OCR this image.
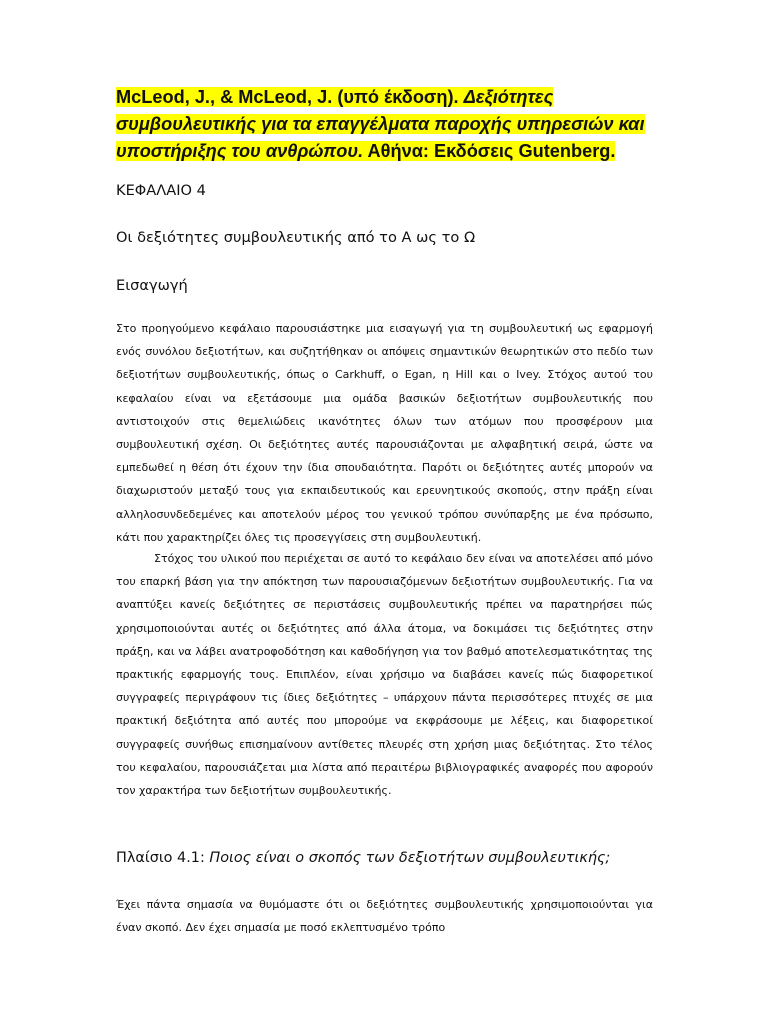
McLeod, J., & McLeod, J. (υπό έκδοση). Δεξιότητες συμβουλευτικής για τα επαγγέλματα παροχής υπηρεσιών και υποστήριξης του ανθρώπου. Αθήνα: Εκδόσεις Gutenberg.
ΚΕΦΑΛΑΙΟ 4
Οι δεξιότητες συμβουλευτικής από το Α ως το Ω
Εισαγωγή

Στο προηγούμενο κεφάλαιο παρουσιάστηκε μια εισαγωγή για τη συμβουλευτική ως εφαρμογή ενός συνόλου δεξιοτήτων, και συζητήθηκαν οι απόψεις σημαντικών θεωρητικών στο πεδίο των δεξιοτήτων συμβουλευτικής, όπως ο Carkhuff, ο Egan, η Hill και ο Ivey. Στόχος αυτού του κεφαλαίου είναι να εξετάσουμε μια ομάδα βασικών δεξιοτήτων συμβουλευτικής που αντιστοιχούν στις θεμελιώδεις ικανότητες όλων των ατόμων που προσφέρουν μια συμβουλευτική σχέση. Οι δεξιότητες αυτές παρουσιάζονται με αλφαβητική σειρά, ώστε να εμπεδωθεί η θέση ότι έχουν την ίδια σπουδαιότητα. Παρότι οι δεξιότητες αυτές μπορούν να διαχωριστούν μεταξύ τους για εκπαιδευτικούς και ερευνητικούς σκοπούς, στην πράξη είναι αλληλοσυνδεδεμένες και αποτελούν μέρος του γενικού τρόπου συνύπαρξης με ένα πρόσωπο, κάτι που χαρακτηρίζει όλες τις προσεγγίσεις στη συμβουλευτική.

Στόχος του υλικού που περιέχεται σε αυτό το κεφάλαιο δεν είναι να αποτελέσει από μόνο του επαρκή βάση για την απόκτηση των παρουσιαζόμενων δεξιοτήτων συμβουλευτικής. Για να αναπτύξει κανείς δεξιότητες σε περιστάσεις συμβουλευτικής πρέπει να παρατηρήσει πώς χρησιμοποιούνται αυτές οι δεξιότητες από άλλα άτομα, να δοκιμάσει τις δεξιότητες στην πράξη, και να λάβει ανατροφοδότηση και καθοδήγηση για τον βαθμό αποτελεσματικότητας της πρακτικής εφαρμογής τους. Επιπλέον, είναι χρήσιμο να διαβάσει κανείς πώς διαφορετικοί συγγραφείς περιγράφουν τις ίδιες δεξιότητες – υπάρχουν πάντα περισσότερες πτυχές σε μια πρακτική δεξιότητα από αυτές που μπορούμε να εκφράσουμε με λέξεις, και διαφορετικοί συγγραφείς συνήθως επισημαίνουν αντίθετες πλευρές στη χρήση μιας δεξιότητας. Στο τέλος του κεφαλαίου, παρουσιάζεται μια λίστα από περαιτέρω βιβλιογραφικές αναφορές που αφορούν τον χαρακτήρα των δεξιοτήτων συμβουλευτικής.

Πλαίσιο 4.1: Ποιος είναι ο σκοπός των δεξιοτήτων συμβουλευτικής;

Έχει πάντα σημασία να θυμόμαστε ότι οι δεξιότητες συμβουλευτικής χρησιμοποιούνται για έναν σκοπό. Δεν έχει σημασία με ποσό εκλεπτυσμένο τρόπο
